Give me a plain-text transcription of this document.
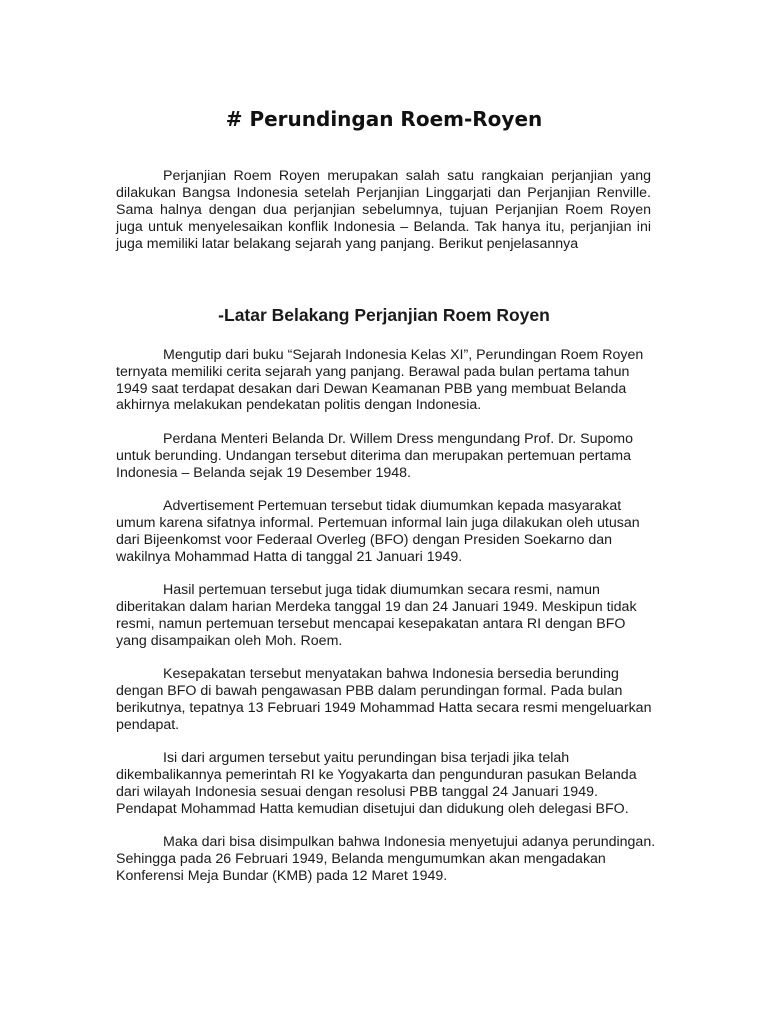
# Perundingan Roem-Royen

Perjanjian Roem Royen merupakan salah satu rangkaian perjanjian yang dilakukan Bangsa Indonesia setelah Perjanjian Linggarjati dan Perjanjian Renville. Sama halnya dengan dua perjanjian sebelumnya, tujuan Perjanjian Roem Royen juga untuk menyelesaikan konflik Indonesia – Belanda. Tak hanya itu, perjanjian ini juga memiliki latar belakang sejarah yang panjang. Berikut penjelasannya

-Latar Belakang Perjanjian Roem Royen

Mengutip dari buku “Sejarah Indonesia Kelas XI”, Perundingan Roem Royen ternyata memiliki cerita sejarah yang panjang. Berawal pada bulan pertama tahun 1949 saat terdapat desakan dari Dewan Keamanan PBB yang membuat Belanda akhirnya melakukan pendekatan politis dengan Indonesia.

Perdana Menteri Belanda Dr. Willem Dress mengundang Prof. Dr. Supomo untuk berunding. Undangan tersebut diterima dan merupakan pertemuan pertama Indonesia – Belanda sejak 19 Desember 1948.

Advertisement Pertemuan tersebut tidak diumumkan kepada masyarakat umum karena sifatnya informal. Pertemuan informal lain juga dilakukan oleh utusan dari Bijeenkomst voor Federaal Overleg (BFO) dengan Presiden Soekarno dan wakilnya Mohammad Hatta di tanggal 21 Januari 1949.

Hasil pertemuan tersebut juga tidak diumumkan secara resmi, namun diberitakan dalam harian Merdeka tanggal 19 dan 24 Januari 1949. Meskipun tidak resmi, namun pertemuan tersebut mencapai kesepakatan antara RI dengan BFO yang disampaikan oleh Moh. Roem.

Kesepakatan tersebut menyatakan bahwa Indonesia bersedia berunding dengan BFO di bawah pengawasan PBB dalam perundingan formal. Pada bulan berikutnya, tepatnya 13 Februari 1949 Mohammad Hatta secara resmi mengeluarkan pendapat.

Isi dari argumen tersebut yaitu perundingan bisa terjadi jika telah dikembalikannya pemerintah RI ke Yogyakarta dan pengunduran pasukan Belanda dari wilayah Indonesia sesuai dengan resolusi PBB tanggal 24 Januari 1949. Pendapat Mohammad Hatta kemudian disetujui dan didukung oleh delegasi BFO.

Maka dari bisa disimpulkan bahwa Indonesia menyetujui adanya perundingan. Sehingga pada 26 Februari 1949, Belanda mengumumkan akan mengadakan Konferensi Meja Bundar (KMB) pada 12 Maret 1949.
